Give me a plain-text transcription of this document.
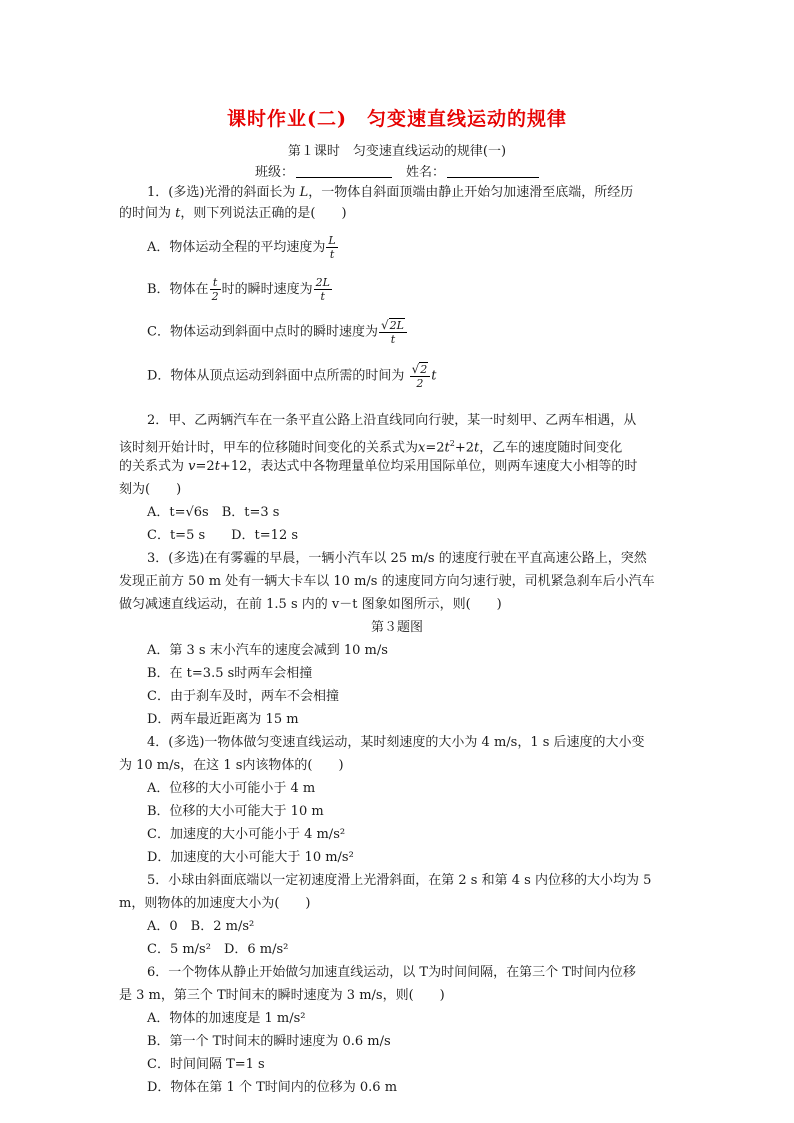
课时作业(二)　匀变速直线运动的规律
第１课时　匀变速直线运动的规律(一)
班级：	姓名：
1．(多选)光滑的斜面长为 L，一物体自斜面顶端由静止开始匀加速滑至底端，所经历
的时间为 t，则下列说法正确的是(　　)
A．物体运动全程的平均速度为 $\frac{L}{t}$
B．物体在 $\frac{t}{2}$ 时的瞬时速度为 $\frac{2L}{t}$
C．物体运动到斜面中点时的瞬时速度为 $\frac{√2L}{t}$
D．物体从顶点运动到斜面中点所需的时间为 $\frac{√2}{2}$ t
2．甲、乙两辆汽车在一条平直公路上沿直线同向行驶，某一时刻甲、乙两车相遇，从
该时刻开始计时，甲车的位移随时间变化的关系式为$x=2t^2+2t$，乙车的速度随时间变化
的关系式为 v=2t+12，表达式中各物理量单位均采用国际单位，则两车速度大小相等的时
刻为(　　)
A．t=√6s　B．t=3 s
C．t=5 s　　D．t=12 s
3．(多选)在有雾霾的早晨，一辆小汽车以 25 m/s 的速度行驶在平直高速公路上，突然
发现正前方 50 m 处有一辆大卡车以 10 m/s 的速度同方向匀速行驶，司机紧急刹车后小汽车
做匀减速直线运动，在前 1.5 s 内的 v－t 图象如图所示，则(　　)
第３题图
A．第 3 s 末小汽车的速度会减到 10 m/s
B．在 t=3.5 s时两车会相撞
C．由于刹车及时，两车不会相撞
D．两车最近距离为 15 m
4．(多选)一物体做匀变速直线运动，某时刻速度的大小为 4 m/s，1 s 后速度的大小变
为 10 m/s，在这 1 s内该物体的(　　)
A．位移的大小可能小于 4 m
B．位移的大小可能大于 10 m
C．加速度的大小可能小于 4 m/s²
D．加速度的大小可能大于 10 m/s²
5．小球由斜面底端以一定初速度滑上光滑斜面，在第 2 s 和第 4 s 内位移的大小均为 5
m，则物体的加速度大小为(　　)
A．0　B．2 m/s²
C．5 m/s²　D．6 m/s²
6．一个物体从静止开始做匀加速直线运动，以 T为时间间隔，在第三个 T时间内位移
是 3 m，第三个 T时间末的瞬时速度为 3 m/s，则(　　)
A．物体的加速度是 1 m/s²
B．第一个 T时间末的瞬时速度为 0.6 m/s
C．时间间隔 T=1 s
D．物体在第 1 个 T时间内的位移为 0.6 m
